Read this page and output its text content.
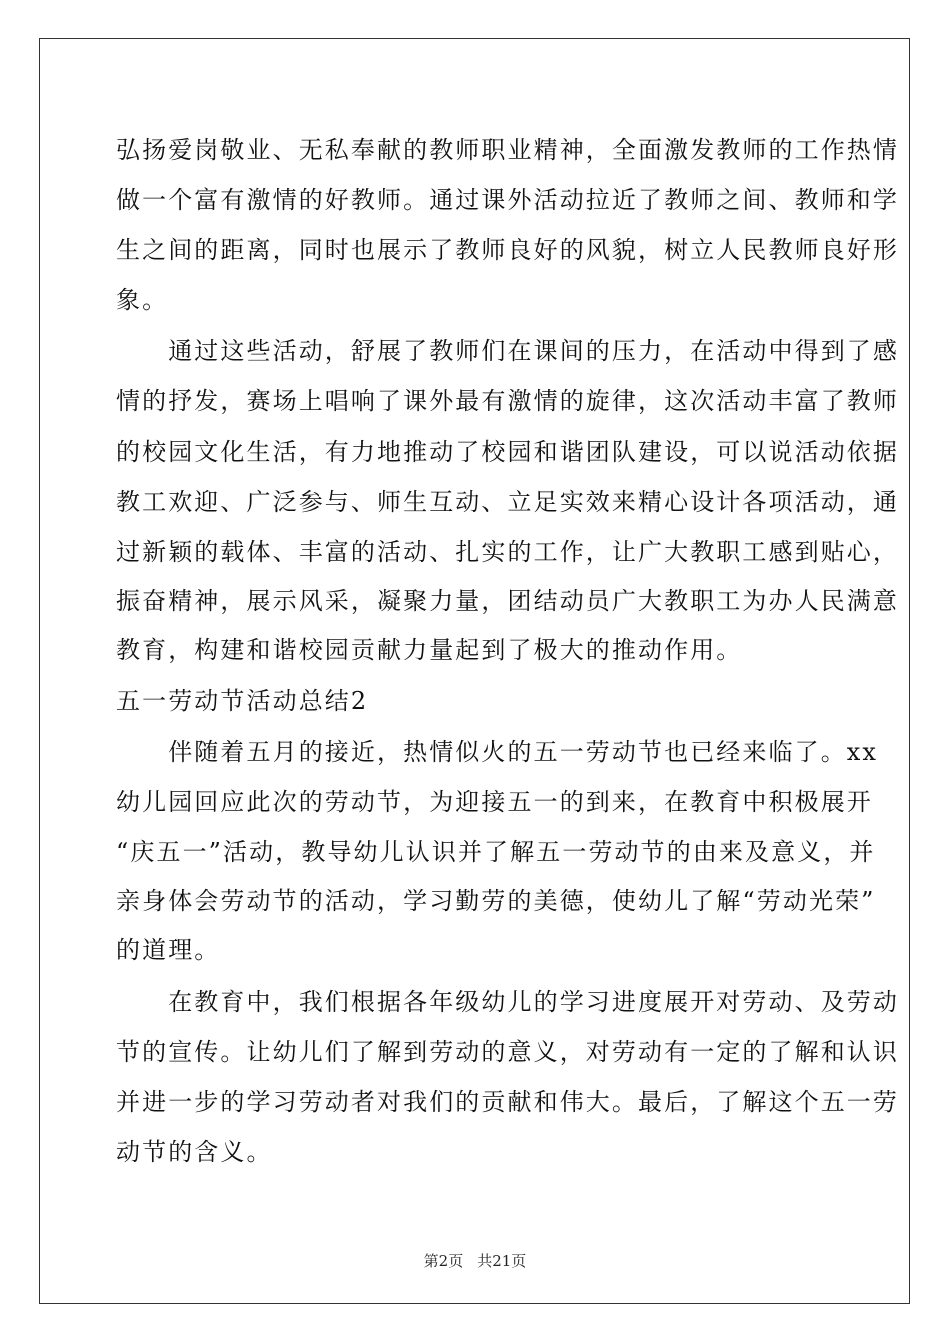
弘扬爱岗敬业、无私奉献的教师职业精神，全面激发教师的工作热情
做一个富有激情的好教师。通过课外活动拉近了教师之间、教师和学
生之间的距离，同时也展示了教师良好的风貌，树立人民教师良好形
象。
　　通过这些活动，舒展了教师们在课间的压力，在活动中得到了感
情的抒发，赛场上唱响了课外最有激情的旋律，这次活动丰富了教师
的校园文化生活，有力地推动了校园和谐团队建设，可以说活动依据
教工欢迎、广泛参与、师生互动、立足实效来精心设计各项活动，通
过新颖的载体、丰富的活动、扎实的工作，让广大教职工感到贴心，
振奋精神，展示风采，凝聚力量，团结动员广大教职工为办人民满意
教育，构建和谐校园贡献力量起到了极大的推动作用。
五一劳动节活动总结2
　　伴随着五月的接近，热情似火的五一劳动节也已经来临了。xx
幼儿园回应此次的劳动节，为迎接五一的到来，在教育中积极展开
“庆五一”活动，教导幼儿认识并了解五一劳动节的由来及意义，并
亲身体会劳动节的活动，学习勤劳的美德，使幼儿了解“劳动光荣”
的道理。
　　在教育中，我们根据各年级幼儿的学习进度展开对劳动、及劳动
节的宣传。让幼儿们了解到劳动的意义，对劳动有一定的了解和认识
并进一步的学习劳动者对我们的贡献和伟大。最后，了解这个五一劳
动节的含义。
第2页 共21页
